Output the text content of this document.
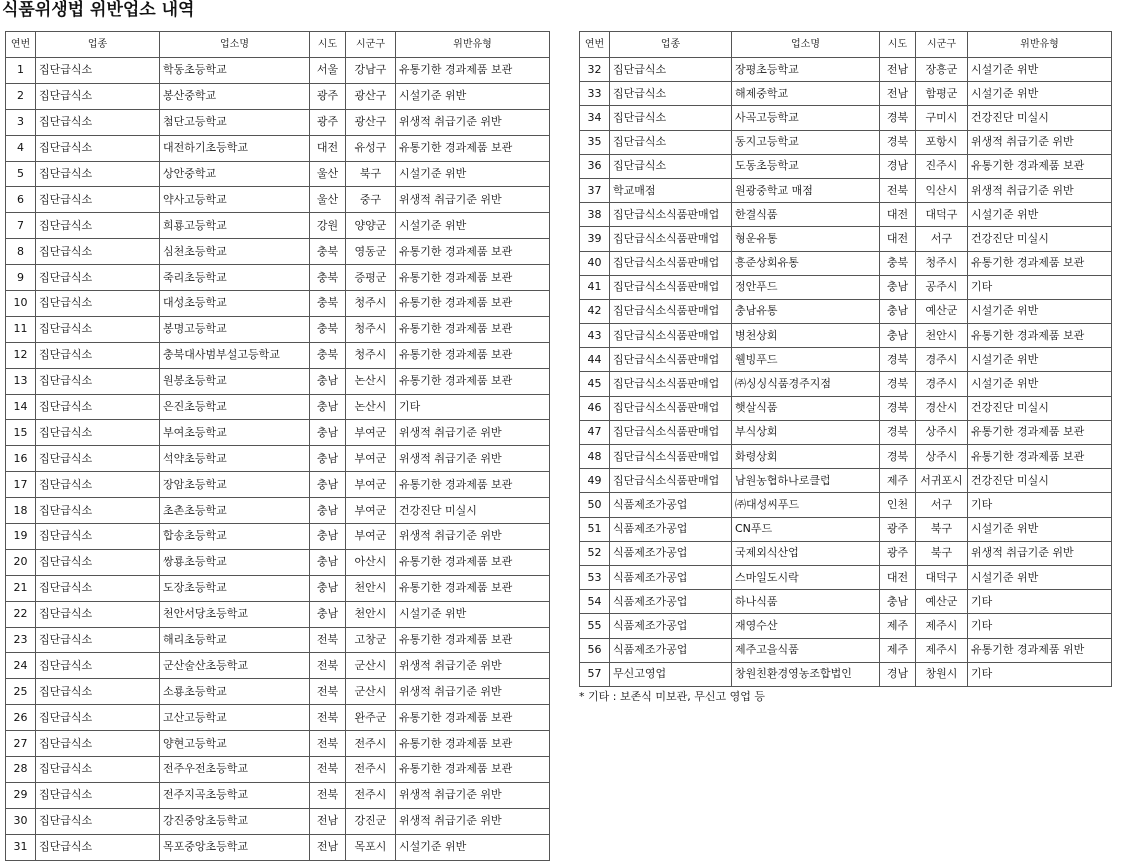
식품위생법 위반업소 내역
연번	업종	업소명	시도	시군구	위반유형
1	집단급식소	학동초등학교	서울	강남구	유통기한 경과제품 보관
2	집단급식소	봉산중학교	광주	광산구	시설기준 위반
3	집단급식소	첨단고등학교	광주	광산구	위생적 취급기준 위반
4	집단급식소	대전하기초등학교	대전	유성구	유통기한 경과제품 보관
5	집단급식소	상안중학교	울산	북구	시설기준 위반
6	집단급식소	약사고등학교	울산	중구	위생적 취급기준 위반
7	집단급식소	희룡고등학교	강원	양양군	시설기준 위반
8	집단급식소	심천초등학교	충북	영동군	유통기한 경과제품 보관
9	집단급식소	죽리초등학교	충북	증평군	유통기한 경과제품 보관
10	집단급식소	대성초등학교	충북	청주시	유통기한 경과제품 보관
11	집단급식소	봉명고등학교	충북	청주시	유통기한 경과제품 보관
12	집단급식소	충북대사범부설고등학교	충북	청주시	유통기한 경과제품 보관
13	집단급식소	원봉초등학교	충남	논산시	유통기한 경과제품 보관
14	집단급식소	은진초등학교	충남	논산시	기타
15	집단급식소	부여초등학교	충남	부여군	위생적 취급기준 위반
16	집단급식소	석약초등학교	충남	부여군	위생적 취급기준 위반
17	집단급식소	장암초등학교	충남	부여군	유통기한 경과제품 보관
18	집단급식소	초촌초등학교	충남	부여군	건강진단 미실시
19	집단급식소	합송초등학교	충남	부여군	위생적 취급기준 위반
20	집단급식소	쌍룡초등학교	충남	아산시	유통기한 경과제품 보관
21	집단급식소	도장초등학교	충남	천안시	유통기한 경과제품 보관
22	집단급식소	천안서당초등학교	충남	천안시	시설기준 위반
23	집단급식소	해리초등학교	전북	고창군	유통기한 경과제품 보관
24	집단급식소	군산술산초등학교	전북	군산시	위생적 취급기준 위반
25	집단급식소	소룡초등학교	전북	군산시	위생적 취급기준 위반
26	집단급식소	고산고등학교	전북	완주군	유통기한 경과제품 보관
27	집단급식소	양현고등학교	전북	전주시	유통기한 경과제품 보관
28	집단급식소	전주우전초등학교	전북	전주시	유통기한 경과제품 보관
29	집단급식소	전주지곡초등학교	전북	전주시	위생적 취급기준 위반
30	집단급식소	강진중앙초등학교	전남	강진군	위생적 취급기준 위반
31	집단급식소	목포중앙초등학교	전남	목포시	시설기준 위반
연번	업종	업소명	시도	시군구	위반유형
32	집단급식소	장평초등학교	전남	장흥군	시설기준 위반
33	집단급식소	해제중학교	전남	함평군	시설기준 위반
34	집단급식소	사곡고등학교	경북	구미시	건강진단 미실시
35	집단급식소	동지고등학교	경북	포항시	위생적 취급기준 위반
36	집단급식소	도동초등학교	경남	진주시	유통기한 경과제품 보관
37	학교매점	원광중학교 매점	전북	익산시	위생적 취급기준 위반
38	집단급식소식품판매업	한결식품	대전	대덕구	시설기준 위반
39	집단급식소식품판매업	형운유통	대전	서구	건강진단 미실시
40	집단급식소식품판매업	흥준상회유통	충북	청주시	유통기한 경과제품 보관
41	집단급식소식품판매업	정안푸드	충남	공주시	기타
42	집단급식소식품판매업	충남유통	충남	예산군	시설기준 위반
43	집단급식소식품판매업	병천상회	충남	천안시	유통기한 경과제품 보관
44	집단급식소식품판매업	웰빙푸드	경북	경주시	시설기준 위반
45	집단급식소식품판매업	㈜싱싱식품경주지점	경북	경주시	시설기준 위반
46	집단급식소식품판매업	햇살식품	경북	경산시	건강진단 미실시
47	집단급식소식품판매업	부식상회	경북	상주시	유통기한 경과제품 보관
48	집단급식소식품판매업	화령상회	경북	상주시	유통기한 경과제품 보관
49	집단급식소식품판매업	남원농협하나로클럽	제주	서귀포시	건강진단 미실시
50	식품제조가공업	㈜대성씨푸드	인천	서구	기타
51	식품제조가공업	CN푸드	광주	북구	시설기준 위반
52	식품제조가공업	국제외식산업	광주	북구	위생적 취급기준 위반
53	식품제조가공업	스마일도시락	대전	대덕구	시설기준 위반
54	식품제조가공업	하나식품	충남	예산군	기타
55	식품제조가공업	재영수산	제주	제주시	기타
56	식품제조가공업	제주고을식품	제주	제주시	유통기한 경과제품 위반
57	무신고영업	창원친환경영농조합법인	경남	창원시	기타

* 기타 : 보존식 미보관, 무신고 영업 등
